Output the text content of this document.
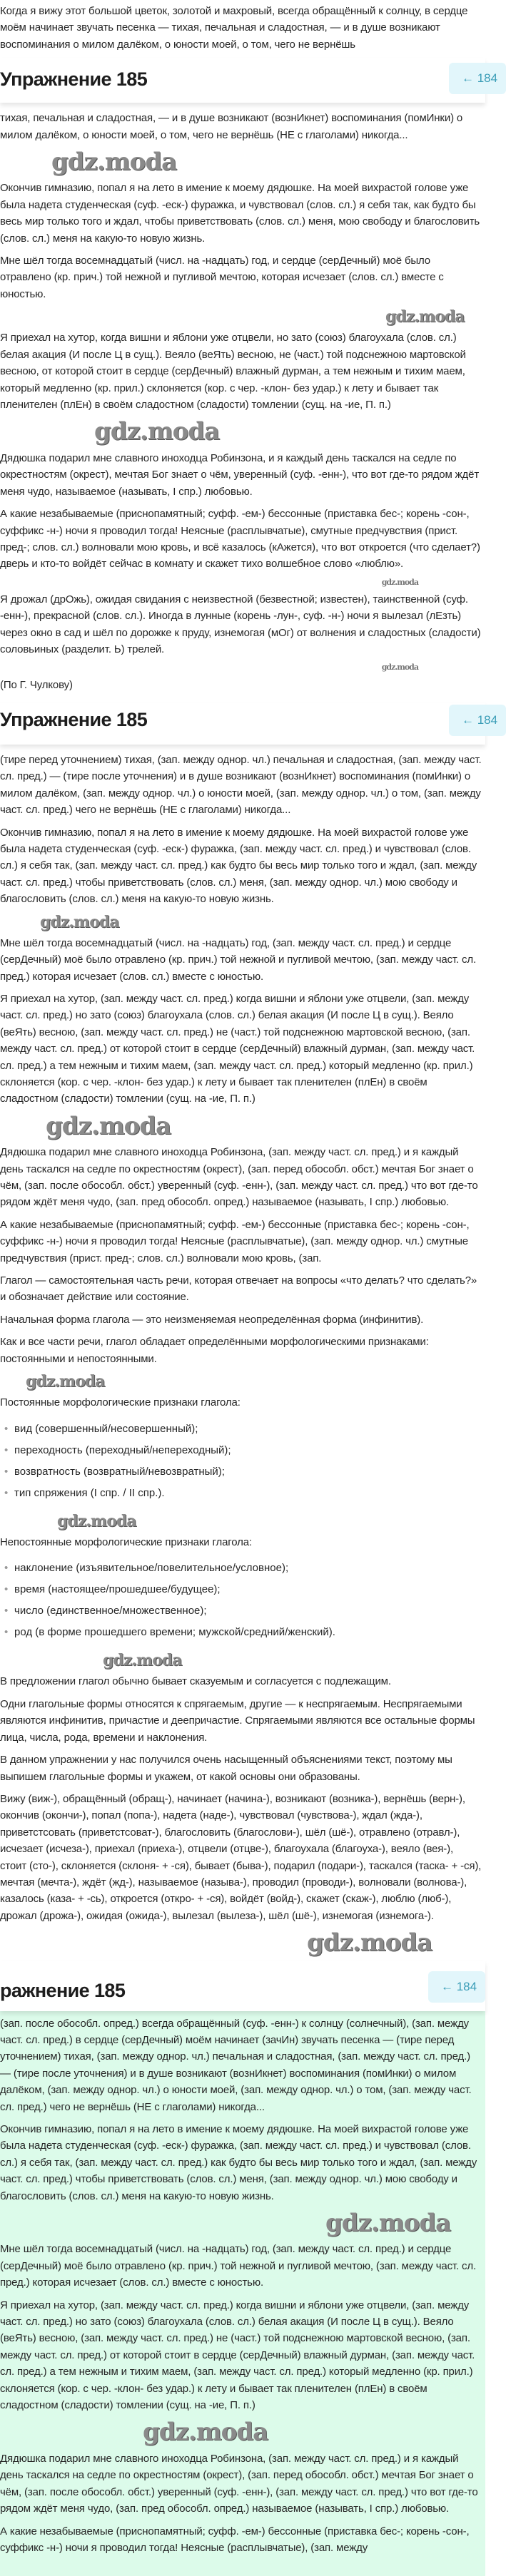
Когда я вижу этот большой цветок, золотой и махровый, всегда обращённый к солнцу, в сердце моём начинает звучать песенка — тихая, печальная и сладостная, — и в душе возникают воспоминания о милом далёком, о юности моей, о том, чего не вернёшь

Упражнение 185	← 184

тихая, печальная и сладостная, — и в душе возникают (вознИкнет) воспоминания (помИнки) о милом далёком, о юности моей, о том, чего не вернёшь (НЕ с глаголами) никогда...

gdz.moda

Окончив гимназию, попал я на лето в имение к моему дядюшке. На моей вихрастой голове уже была надета студенческая (суф. -еск-) фуражка, и чувствовал (слов. сл.) я себя так, как будто бы весь мир только того и ждал, чтобы приветствовать (слов. сл.) меня, мою свободу и благословить (слов. сл.) меня на какую-то новую жизнь.

Мне шёл тогда восемнадцатый (числ. на -надцать) год, и сердце (серДечный) моё было отравлено (кр. прич.) той нежной и пугливой мечтою, которая исчезает (слов. сл.) вместе с юностью.

gdz.moda

Я приехал на хутор, когда вишни и яблони уже отцвели, но зато (союз) благоухала (слов. сл.) белая акация (И после Ц в сущ.). Веяло (веЯть) весною, не (част.) той подснежною мартовской весною, от которой стоит в сердце (серДечный) влажный дурман, а тем нежным и тихим маем, который медленно (кр. прил.) склоняется (кор. с чер. -клон- без удар.) к лету и бывает так пленителен (плЕн) в своём сладостном (сладости) томлении (сущ. на -ие, П. п.)

gdz.moda

Дядюшка подарил мне славного иноходца Робинзона, и я каждый день таскался на седле по окрестностям (окрест), мечтая Бог знает о чём, уверенный (суф. -енн-), что вот где-то рядом ждёт меня чудо, называемое (называть, I спр.) любовью.

А какие незабываемые (приснопамятный; суфф. -ем-) бессонные (приставка бес-; корень -сон-, суффикс -н-) ночи я проводил тогда! Неясные (расплывчатые), смутные предчувствия (прист. пред-; слов. сл.) волновали мою кровь, и всё казалось (кАжется), что вот откроется (что сделает?) дверь и кто-то войдёт сейчас в комнату и скажет тихо волшебное слово «люблю».

gdz.moda

Я дрожал (дрОжь), ожидая свидания с неизвестной (безвестной; известен), таинственной (суф. -енн-), прекрасной (слов. сл.). Иногда в лунные (корень -лун-, суф. -н-) ночи я вылезал (лЕзть) через окно в сад и шёл по дорожке к пруду, изнемогая (мОг) от волнения и сладостных (сладости) соловьиных (разделит. Ь) трелей.

gdz.moda

(По Г. Чулкову)

Упражнение 185	← 184

(тире перед уточнением) тихая, (зап. между однор. чл.) печальная и сладостная, (зап. между част. сл. пред.) — (тире после уточнения) и в душе возникают (вознИкнет) воспоминания (помИнки) о милом далёком, (зап. между однор. чл.) о юности моей, (зап. между однор. чл.) о том, (зап. между част. сл. пред.) чего не вернёшь (НЕ с глаголами) никогда...

Окончив гимназию, попал я на лето в имение к моему дядюшке. На моей вихрастой голове уже была надета студенческая (суф. -еск-) фуражка, (зап. между част. сл. пред.) и чувствовал (слов. сл.) я себя так, (зап. между част. сл. пред.) как будто бы весь мир только того и ждал, (зап. между част. сл. пред.) чтобы приветствовать (слов. сл.) меня, (зап. между однор. чл.) мою свободу и благословить (слов. сл.) меня на какую-то новую жизнь.

gdz.moda

Мне шёл тогда восемнадцатый (числ. на -надцать) год, (зап. между част. сл. пред.) и сердце (серДечный) моё было отравлено (кр. прич.) той нежной и пугливой мечтою, (зап. между част. сл. пред.) которая исчезает (слов. сл.) вместе с юностью.

Я приехал на хутор, (зап. между част. сл. пред.) когда вишни и яблони уже отцвели, (зап. между част. сл. пред.) но зато (союз) благоухала (слов. сл.) белая акация (И после Ц в сущ.). Веяло (веЯть) весною, (зап. между част. сл. пред.) не (част.) той подснежною мартовской весною, (зап. между част. сл. пред.) от которой стоит в сердце (серДечный) влажный дурман, (зап. между част. сл. пред.) а тем нежным и тихим маем, (зап. между част. сл. пред.) который медленно (кр. прил.) склоняется (кор. с чер. -клон- без удар.) к лету и бывает так пленителен (плЕн) в своём сладостном (сладости) томлении (сущ. на -ие, П. п.)

gdz.moda

Дядюшка подарил мне славного иноходца Робинзона, (зап. между част. сл. пред.) и я каждый день таскался на седле по окрестностям (окрест), (зап. перед обособл. обст.) мечтая Бог знает о чём, (зап. после обособл. обст.) уверенный (суф. -енн-), (зап. между част. сл. пред.) что вот где-то рядом ждёт меня чудо, (зап. пред обособл. опред.) называемое (называть, I спр.) любовью.

А какие незабываемые (приснопамятный; суфф. -ем-) бессонные (приставка бес-; корень -сон-, суффикс -н-) ночи я проводил тогда! Неясные (расплывчатые), (зап. между однор. чл.) смутные предчувствия (прист. пред-; слов. сл.) волновали мою кровь, (зап.

Глагол — самостоятельная часть речи, которая отвечает на вопросы «что делать? что сделать?» и обозначает действие или состояние.

Начальная форма глагола — это неизменяемая неопределённая форма (инфинитив).

Как и все части речи, глагол обладает определёнными морфологическими признаками: постоянными и непостоянными.

gdz.moda

Постоянные морфологические признаки глагола:

• вид (совершенный/несовершенный);
• переходность (переходный/непереходный);
• возвратность (возвратный/невозвратный);
• тип спряжения (I спр. / II спр.).
gdz.moda

Непостоянные морфологические признаки глагола:

• наклонение (изъявительное/повелительное/условное);
• время (настоящее/прошедшее/будущее);
• число (единственное/множественное);
• род (в форме прошедшего времени; мужской/средний/женский).
gdz.moda

В предложении глагол обычно бывает сказуемым и согласуется с подлежащим.

Одни глагольные формы относятся к спрягаемым, другие — к неспрягаемым. Неспрягаемыми являются инфинитив, причастие и деепричастие. Спрягаемыми являются все остальные формы лица, числа, рода, времени и наклонения.

В данном упражнении у нас получился очень насыщенный объяснениями текст, поэтому мы выпишем глагольные формы и укажем, от какой основы они образованы.

Вижу (виж-), обращённый (обращ-), начинает (начина-), возникают (возника-), вернёшь (верн-), окончив (окончи-), попал (попа-), надета (наде-), чувствовал (чувствова-), ждал (жда-), приветстсовать (приветстсоват-), благословить (благослови-), шёл (шё-), отравлено (отравл-), исчезает (исчеза-), приехал (приеха-), отцвели (отцве-), благоухала (благоуха-), веяло (вея-), стоит (сто-), склоняется (склоня- + -ся), бывает (быва-), подарил (подари-), таскался (таска- + -ся), мечтая (мечта-), ждёт (жд-), называемое (называ-), проводил (проводи-), волновали (волнова-), казалось (каза- + -сь), откроется (откро- + -ся), войдёт (войд-), скажет (скаж-), люблю (люб-), дрожал (дрожа-), ожидая (ожида-), вылезал (вылеза-), шёл (шё-), изнемогая (изнемога-).

gdz.moda
ражнение 185	← 184

(зап. после обособл. опред.) всегда обращённый (суф. -енн-) к солнцу (солнечный), (зап. между част. сл. пред.) в сердце (серДечный) моём начинает (зачИн) звучать песенка — (тире перед уточнением) тихая, (зап. между однор. чл.) печальная и сладостная, (зап. между част. сл. пред.) — (тире после уточнения) и в душе возникают (вознИкнет) воспоминания (помИнки) о милом далёком, (зап. между однор. чл.) о юности моей, (зап. между однор. чл.) о том, (зап. между част. сл. пред.) чего не вернёшь (НЕ с глаголами) никогда...

Окончив гимназию, попал я на лето в имение к моему дядюшке. На моей вихрастой голове уже была надета студенческая (суф. -еск-) фуражка, (зап. между част. сл. пред.) и чувствовал (слов. сл.) я себя так, (зап. между част. сл. пред.) как будто бы весь мир только того и ждал, (зап. между част. сл. пред.) чтобы приветствовать (слов. сл.) меня, (зап. между однор. чл.) мою свободу и благословить (слов. сл.) меня на какую-то новую жизнь.

gdz.moda

Мне шёл тогда восемнадцатый (числ. на -надцать) год, (зап. между част. сл. пред.) и сердце (серДечный) моё было отравлено (кр. прич.) той нежной и пугливой мечтою, (зап. между част. сл. пред.) которая исчезает (слов. сл.) вместе с юностью.

Я приехал на хутор, (зап. между част. сл. пред.) когда вишни и яблони уже отцвели, (зап. между част. сл. пред.) но зато (союз) благоухала (слов. сл.) белая акация (И после Ц в сущ.). Веяло (веЯть) весною, (зап. между част. сл. пред.) не (част.) той подснежною мартовской весною, (зап. между част. сл. пред.) от которой стоит в сердце (серДечный) влажный дурман, (зап. между част. сл. пред.) а тем нежным и тихим маем, (зап. между част. сл. пред.) который медленно (кр. прил.) склоняется (кор. с чер. -клон- без удар.) к лету и бывает так пленителен (плЕн) в своём сладостном (сладости) томлении (сущ. на -ие, П. п.)

gdz.moda

Дядюшка подарил мне славного иноходца Робинзона, (зап. между част. сл. пред.) и я каждый день таскался на седле по окрестностям (окрест), (зап. перед обособл. обст.) мечтая Бог знает о чём, (зап. после обособл. обст.) уверенный (суф. -енн-), (зап. между част. сл. пред.) что вот где-то рядом ждёт меня чудо, (зап. пред обособл. опред.) называемое (называть, I спр.) любовью.

А какие незабываемые (приснопамятный; суфф. -ем-) бессонные (приставка бес-; корень -сон-, суффикс -н-) ночи я проводил тогда! Неясные (расплывчатые), (зап. между
